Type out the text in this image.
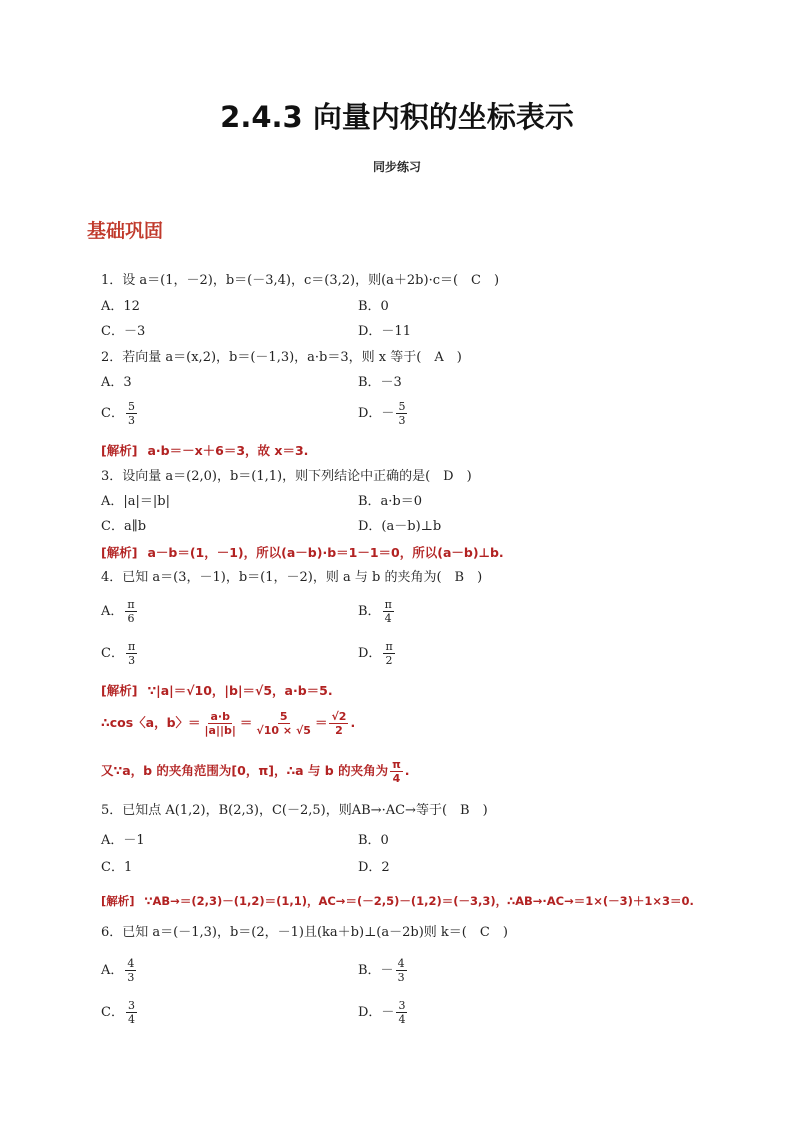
2.4.3 向量内积的坐标表示
同步练习
基础巩固
1．设 a＝(1，－2)，b＝(－3,4)，c＝(3,2)，则(a＋2b)·c＝(　C　)
A．12	B．0
C．－3	D．－11
2．若向量 a＝(x,2)，b＝(－1,3)，a·b＝3，则 x 等于(　A　)
A．3	B．－3
C． $\frac{5}{3}$	D．－ $\frac{5}{3}$
[解析] a·b＝－x＋6＝3，故 x＝3.
3．设向量 a＝(2,0)，b＝(1,1)，则下列结论中正确的是(　D　)
A．|a|＝|b|	B．a·b＝0
C．a∥b	D．(a－b)⊥b
[解析] a－b＝(1，－1)，所以(a－b)·b＝1－1＝0，所以(a－b)⊥b.
4．已知 a＝(3，－1)，b＝(1，－2)，则 a 与 b 的夹角为(　B　)
A． $\frac{\pi}{6}$	B． $\frac{\pi}{4}$
C． $\frac{\pi}{3}$	D． $\frac{\pi}{2}$
[解析] ∵|a|＝√10，|b|＝√5，a·b＝5.
∴cos〈a，b〉＝ $\frac{a\cdot b}{|a||b|} = \frac{5}{√10 \times √5} = \frac{√2}{2}$ .
又∵a，b 的夹角范围为[0，π]，∴a 与 b 的夹角为 $\frac{\pi}{4}$ .
5．已知点 A(1,2)，B(2,3)，C(－2,5)，则AB→·AC→等于(　B　)
A．－1	B．0
C．1	D．2
[解析] ∵AB→＝(2,3)－(1,2)＝(1,1)，AC→＝(－2,5)－(1,2)＝(－3,3)，∴AB→·AC→＝1×(－3)＋1×3＝0.
6．已知 a＝(－1,3)，b＝(2，－1)且(ka＋b)⊥(a－2b)则 k＝(　C　)
A． $\frac{4}{3}$	B．－ $\frac{4}{3}$
C． $\frac{3}{4}$	D．－ $\frac{3}{4}$
